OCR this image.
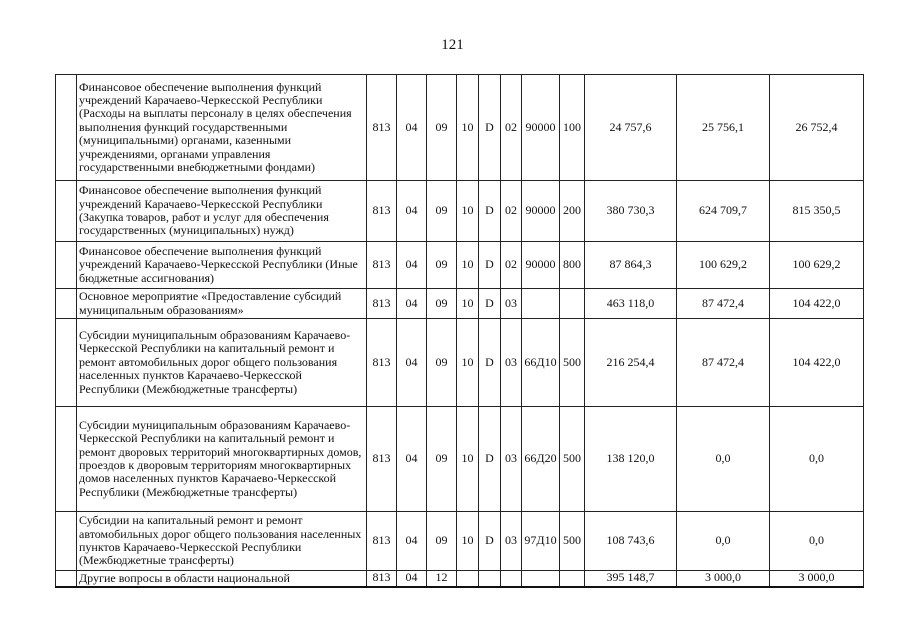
121
	Финансовое обеспечение выполнения функций учреждений Карачаево-Черкесской Республики (Расходы на выплаты персоналу в целях обеспечения выполнения функций государственными (муниципальными) органами, казенными учреждениями, органами управления государственными внебюджетными фондами)	813	04	09	10	D	02	90000	100	24 757,6	25 756,1	26 752,4
	Финансовое обеспечение выполнения функций учреждений Карачаево-Черкесской Республики (Закупка товаров, работ и услуг для обеспечения государственных (муниципальных) нужд)	813	04	09	10	D	02	90000	200	380 730,3	624 709,7	815 350,5
	Финансовое обеспечение выполнения функций учреждений Карачаево-Черкесской Республики (Иные бюджетные ассигнования)	813	04	09	10	D	02	90000	800	87 864,3	100 629,2	100 629,2
	Основное мероприятие «Предоставление субсидий муниципальным образованиям»	813	04	09	10	D	03			463 118,0	87 472,4	104 422,0
	Субсидии муниципальным образованиям Карачаево-Черкесской Республики на капитальный ремонт и ремонт автомобильных дорог общего пользования населенных пунктов Карачаево-Черкесской Республики (Межбюджетные трансферты)	813	04	09	10	D	03	66Д10	500	216 254,4	87 472,4	104 422,0
	Субсидии муниципальным образованиям Карачаево-Черкесской Республики на капитальный ремонт и ремонт дворовых территорий многоквартирных домов, проездов к дворовым территориям многоквартирных домов населенных пунктов Карачаево-Черкесской Республики (Межбюджетные трансферты)	813	04	09	10	D	03	66Д20	500	138 120,0	0,0	0,0
	Субсидии на капитальный ремонт и ремонт автомобильных дорог общего пользования населенных пунктов Карачаево-Черкесской Республики (Межбюджетные трансферты)	813	04	09	10	D	03	97Д10	500	108 743,6	0,0	0,0
	Другие вопросы в области национальной	813	04	12						395 148,7	3 000,0	3 000,0
